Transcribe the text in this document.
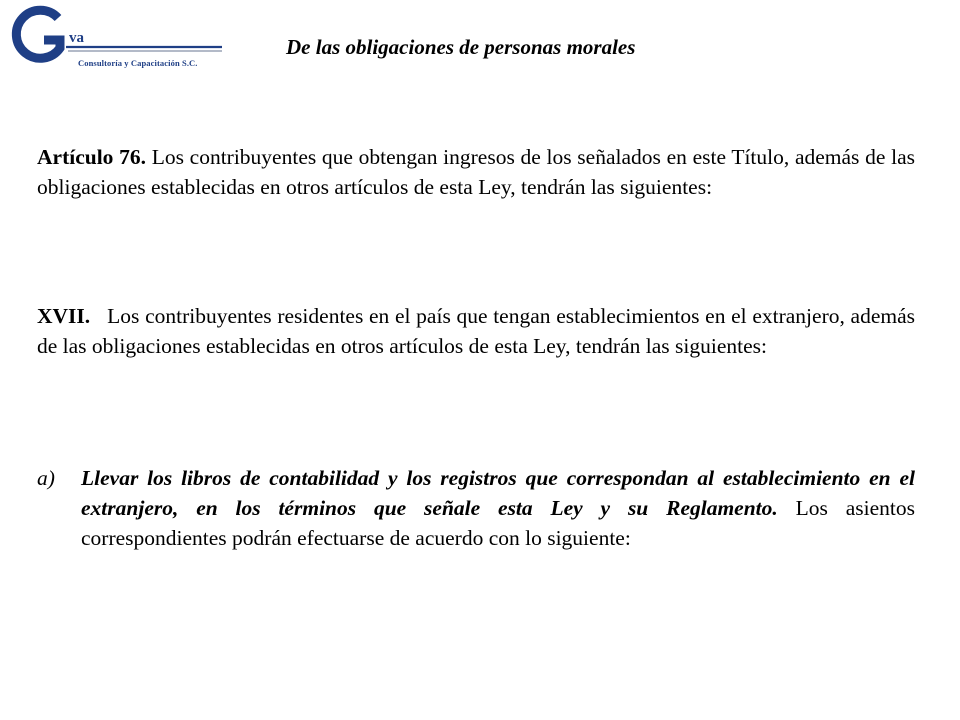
va
Consultoría y Capacitación S.C.
De las obligaciones de personas morales

Artículo 76. Los contribuyentes que obtengan ingresos de los señalados en este Título, además de las obligaciones establecidas en otros artículos de esta Ley, tendrán las siguientes:

XVII. Los contribuyentes residentes en el país que tengan establecimientos en el extranjero, además de las obligaciones establecidas en otros artículos de esta Ley, tendrán las siguientes:

a)	Llevar los libros de contabilidad y los registros que correspondan al establecimiento en el extranjero, en los términos que señale esta Ley y su Reglamento. Los asientos correspondientes podrán efectuarse de acuerdo con lo siguiente:
